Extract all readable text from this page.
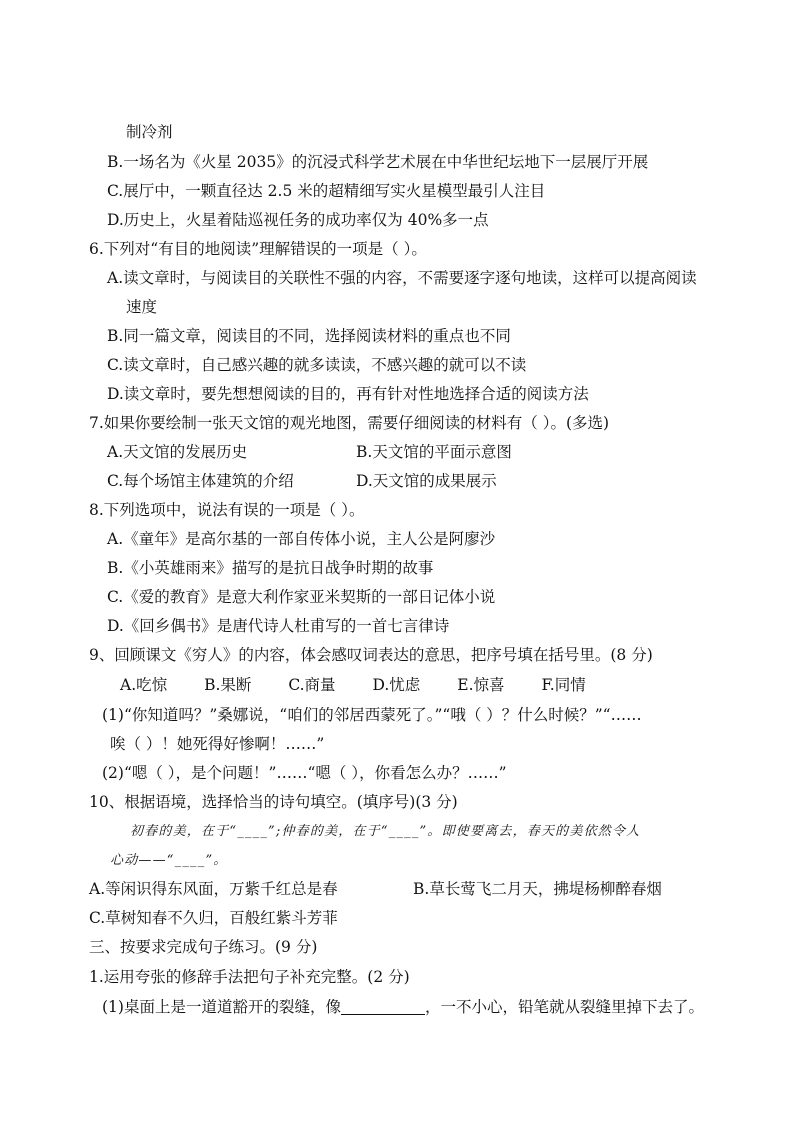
制冷剂
B.一场名为《火星 2035》的沉浸式科学艺术展在中华世纪坛地下一层展厅开展
C.展厅中，一颗直径达 2.5 米的超精细写实火星模型最引人注目
D.历史上，火星着陆巡视任务的成功率仅为 40%多一点
6.下列对“有目的地阅读”理解错误的一项是（ ）。
A.读文章时，与阅读目的关联性不强的内容，不需要逐字逐句地读，这样可以提高阅读
速度
B.同一篇文章，阅读目的不同，选择阅读材料的重点也不同
C.读文章时，自己感兴趣的就多读读，不感兴趣的就可以不读
D.读文章时，要先想想阅读的目的，再有针对性地选择合适的阅读方法
7.如果你要绘制一张天文馆的观光地图，需要仔细阅读的材料有（ ）。(多选)
A.天文馆的发展历史	B.天文馆的平面示意图
C.每个场馆主体建筑的介绍	D.天文馆的成果展示
8.下列选项中，说法有误的一项是（ ）。
A.《童年》是高尔基的一部自传体小说，主人公是阿廖沙
B.《小英雄雨来》描写的是抗日战争时期的故事
C.《爱的教育》是意大利作家亚米契斯的一部日记体小说
D.《回乡偶书》是唐代诗人杜甫写的一首七言律诗
9、回顾课文《穷人》的内容，体会感叹词表达的意思，把序号填在括号里。(8 分)
A.吃惊 B.果断 C.商量 D.忧虑 E.惊喜 F.同情
(1)“你知道吗？”桑娜说，“咱们的邻居西蒙死了。”“哦（ ）？什么时候？”“……
唉（ ）！她死得好惨啊！……”
(2)“嗯（ ），是个问题！”……“嗯（ ），你看怎么办？……”
10、根据语境，选择恰当的诗句填空。(填序号)(3 分)
初春的美，在于“____”;仲春的美，在于“____”。即使要离去，春天的美依然令人
心动——“____”。
A.等闲识得东风面，万紫千红总是春	B.草长莺飞二月天，拂堤杨柳醉春烟
C.草树知春不久归，百般红紫斗芳菲
三、按要求完成句子练习。(9 分)
1.运用夸张的修辞手法把句子补充完整。(2 分)
(1)桌面上是一道道豁开的裂缝，像	，一不小心，铅笔就从裂缝里掉下去了。
